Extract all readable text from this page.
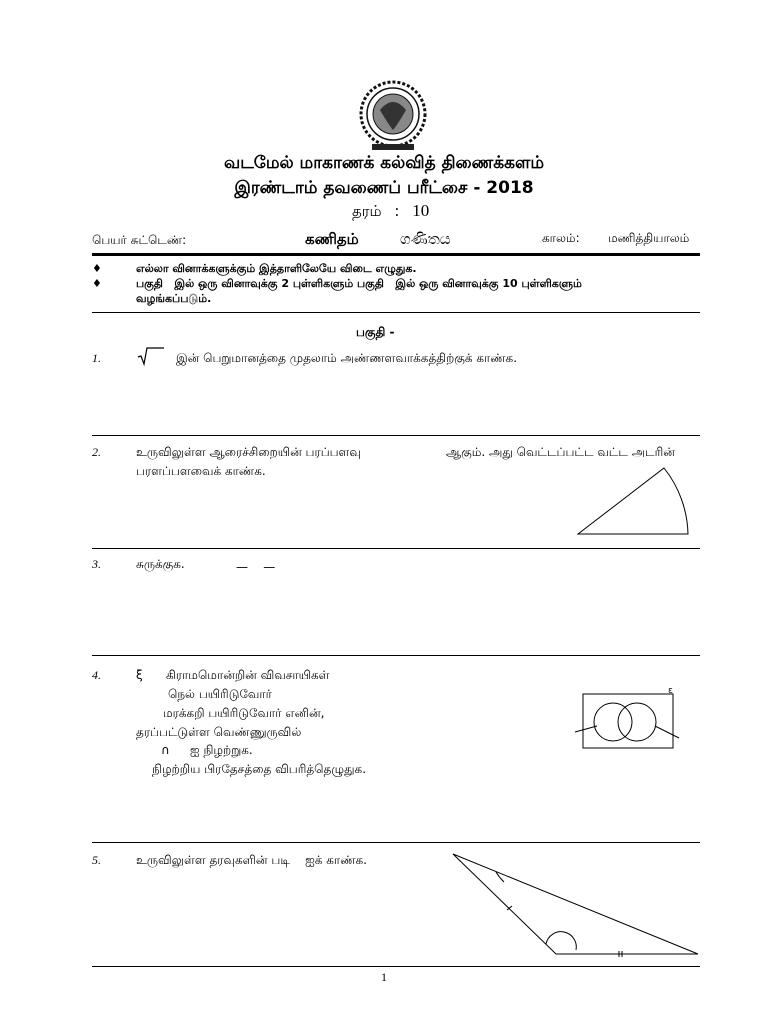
வடமேல் மாகாணக் கல்வித் திணைக்களம்
இரண்டாம் தவணைப் பரீட்சை - 2018
தரம் : 10
பெயர் சுட்டெண்:	கணிதம்	ගණිතය	காலம்: மணித்தியாலம்
♦	எல்லா வினாக்களுக்கும் இத்தாளிலேயே விடை எழுதுக.
♦	பகுதி   இல் ஒரு வினாவுக்கு 2 புள்ளிகளும் பகுதி   இல் ஒரு வினாவுக்கு 10 புள்ளிகளும்
வழங்கப்படும்.
பகுதி -
1.	இன் பெறுமானத்தை முதலாம் அண்ணளவாக்கத்திற்குக் காண்க.
2.	உருவிலுள்ள ஆரைச்சிறையின் பரப்பளவு	ஆகும். அது வெட்டப்பட்ட வட்ட அடரின்
பரளப்பளவைக் காண்க.
3.	சுருக்குக.	—    —
4.	ξ கிராமமொன்றின் விவசாயிகள்
நெல் பயிரிடுவோர்
மரக்கறி பயிரிடுவோர் எனின்,
தரப்பட்டுள்ள வெண்ணுருவில்
∩ ஐ நிழற்றுக.
நிழற்றிய பிரதேசத்தை விபரித்தெழுதுக.
ε
5.	உருவிலுள்ள தரவுகளின் படி    ஐக் காண்க.
1
